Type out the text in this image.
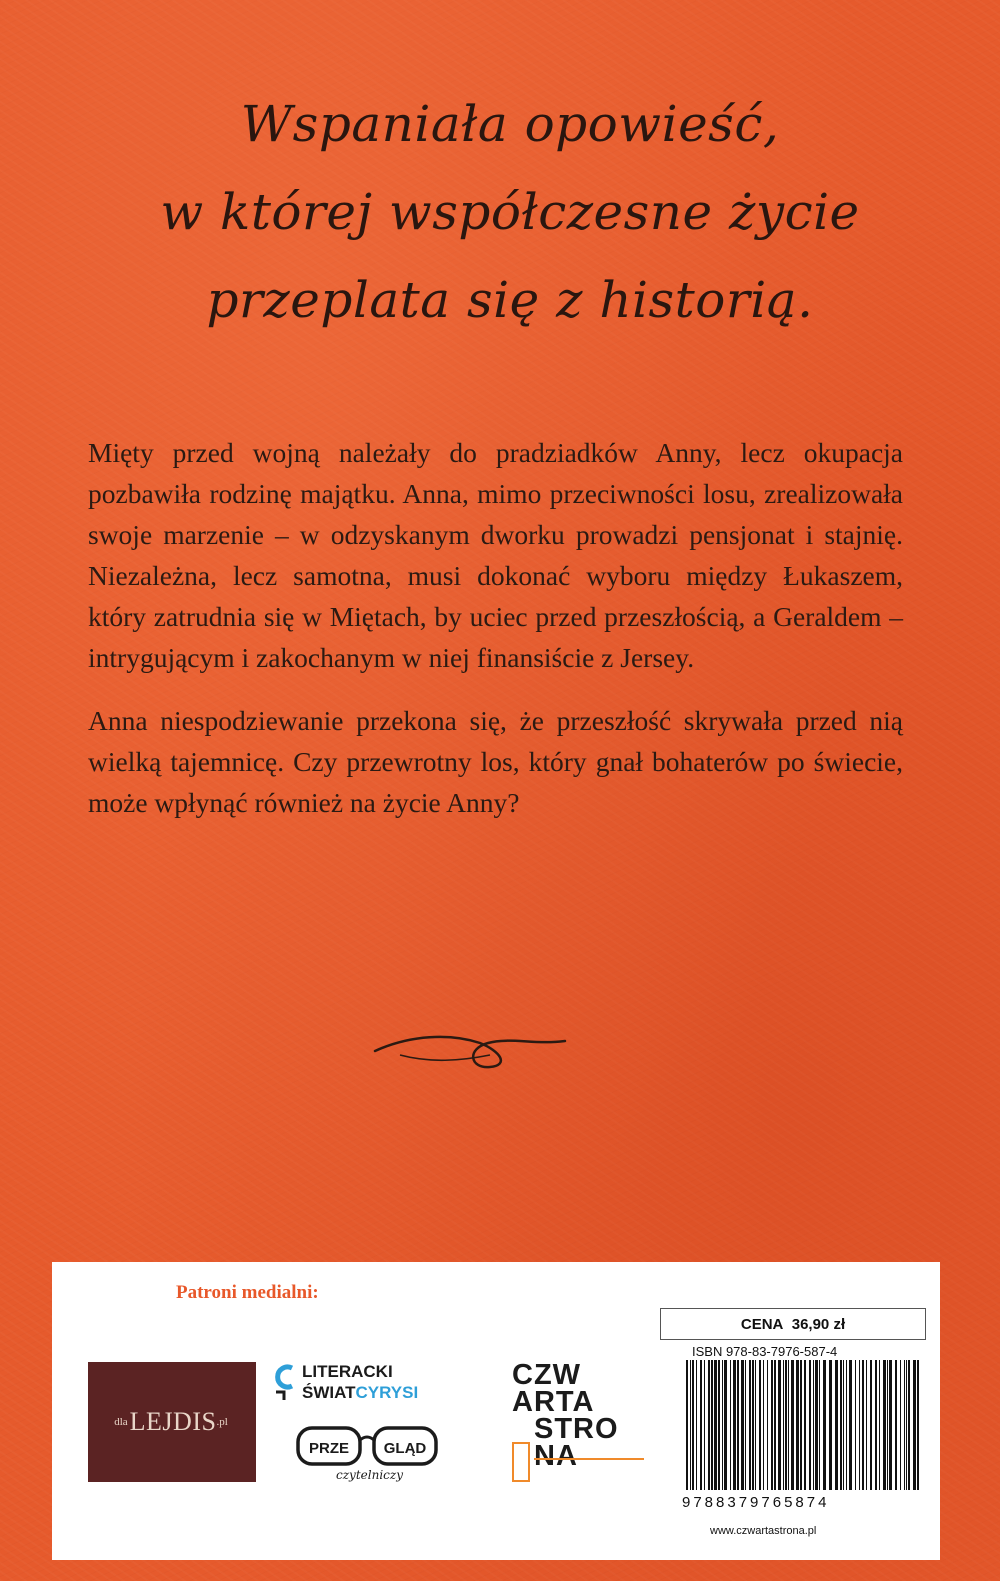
Wspaniała opowieść,
w której współczesne życie
przeplata się z historią.

Mięty przed wojną należały do pradziadków Anny, lecz okupacja pozbawiła rodzinę majątku. Anna, mimo przeciwności losu, zrealizowała swoje marzenie – w odzyskanym dworku prowadzi pensjonat i stajnię. Niezależna, lecz samotna, musi dokonać wyboru między Łukaszem, który zatrudnia się w Miętach, by uciec przed przeszłością, a Geraldem – intrygującym i zakochanym w niej finansiście z Jersey.

Anna niespodziewanie przekona się, że przeszłość skrywała przed nią wielką tajemnicę. Czy przewrotny los, który gnał bohaterów po świecie, może wpłynąć również na życie Anny?

Patroni medialni:
dla LEJDIS .pl
LITERACKI
ŚWIATCYRYSI
PRZE GLĄD
czytelniczy
CZW
ARTA
STRO
NA
CENA
36,90 zł
ISBN 978-83-7976-587-4
9788379765874
www.czwartastrona.pl
